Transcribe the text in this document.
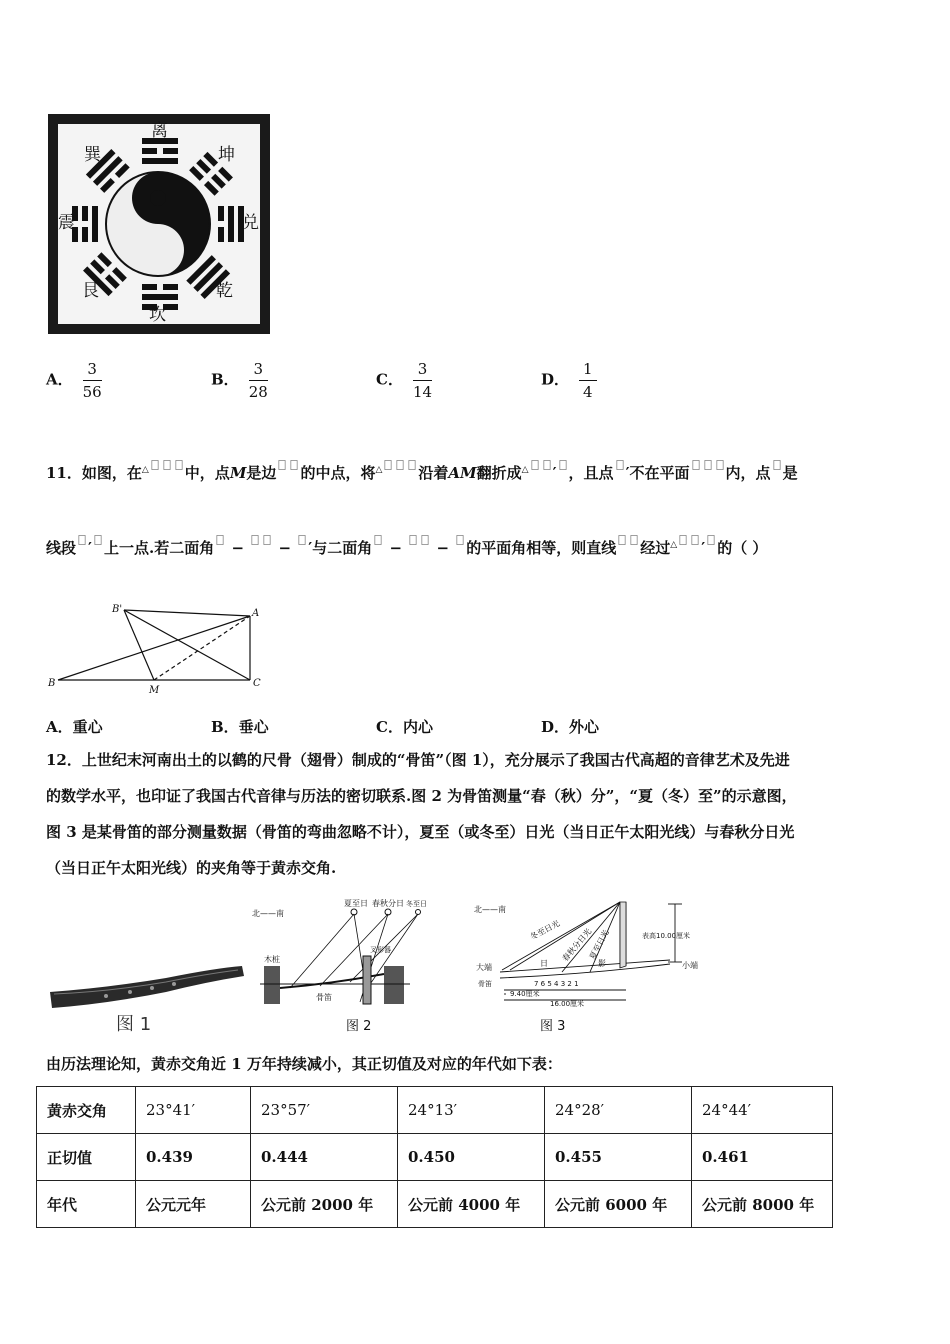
离
坤
兑
乾
坎
艮
震
巽
A． $\frac{3}{56}$	B． $\frac{3}{28}$	C． $\frac{3}{14}$	D． $\frac{1}{4}$
11．如图，在△ 中，点M是边 的中点，将△ 沿着AM翻折成△ ′ ，且点 ′不在平面 内，点 是
线段 ′ 上一点.若二面角 −  − ′与二面角 −  − 的平面角相等，则直线 经过△ ′ 的（ ）
B'	A
B
M
C
A．重心	B．垂心	C．内心	D．外心
12．上世纪末河南出土的以鹤的尺骨（翅骨）制成的“骨笛”（图 1），充分展示了我国古代高超的音律艺术及先进
的数学水平，也印证了我国古代音律与历法的密切联系.图 2 为骨笛测量“春（秋）分”，“夏（冬）至”的示意图，
图 3 是某骨笛的部分测量数据（骨笛的弯曲忽略不计），夏至（或冬至）日光（当日正午太阳光线）与春秋分日光
（当日正午太阳光线）的夹角等于黄赤交角.
图 1
北——南
夏至日 春秋分日 冬至日
木桩
骨笛
叉形器
图 2
北——南
冬至日光 春秋分日光
夏至日光
日	影
表高10.00厘米
大端	小端
骨笛	7 6 5 4 3 2 1
9.40厘米
16.00厘米
图 3
由历法理论知，黄赤交角近 1 万年持续减小，其正切值及对应的年代如下表：
黄赤交角	23°41′	23°57′	24°13′	24°28′	24°44′
正切值	0.439	0.444	0.450	0.455	0.461
年代	公元元年	公元前 2000 年	公元前 4000 年	公元前 6000 年	公元前 8000 年
